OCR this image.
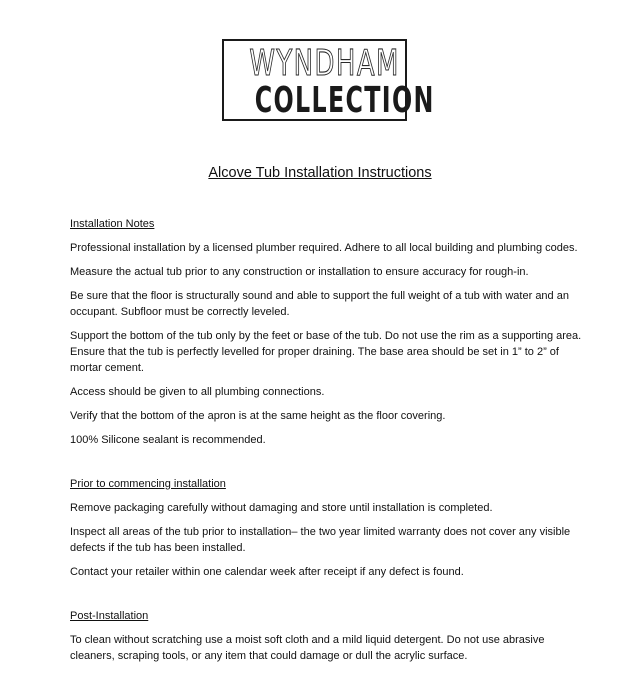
WYNDHAM
COLLECTION
Alcove Tub Installation Instructions
Installation Notes

Professional installation by a licensed plumber required. Adhere to all local building and plumbing codes.

Measure the actual tub prior to any construction or installation to ensure accuracy for rough-in.

Be sure that the floor is structurally sound and able to support the full weight of a tub with water and an occupant. Subfloor must be correctly leveled.

Support the bottom of the tub only by the feet or base of the tub. Do not use the rim as a supporting area. Ensure that the tub is perfectly levelled for proper draining. The base area should be set in 1” to 2” of mortar cement.

Access should be given to all plumbing connections.

Verify that the bottom of the apron is at the same height as the floor covering.

100% Silicone sealant is recommended.

Prior to commencing installation

Remove packaging carefully without damaging and store until installation is completed.

Inspect all areas of the tub prior to installation– the two year limited warranty does not cover any visible defects if the tub has been installed.

Contact your retailer within one calendar week after receipt if any defect is found.

Post-Installation

To clean without scratching use a moist soft cloth and a mild liquid detergent. Do not use abrasive cleaners, scraping tools, or any item that could damage or dull the acrylic surface.
